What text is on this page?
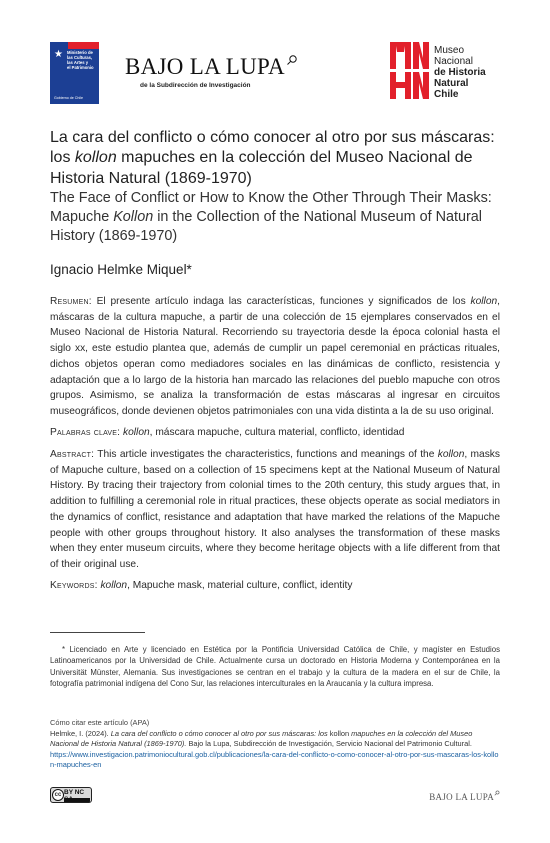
★ Ministerio de
las Culturas,
las Artes y
el Patrimonio
Gobierno de Chile
BAJO LA LUPA
de la Subdirección de Investigación
Museo
Nacional
de Historia
Natural
Chile

La cara del conflicto o cómo conocer al otro por sus máscaras: los kollon mapuches en la colección del Museo Nacional de Historia Natural (1869-1970)

The Face of Conflict or How to Know the Other Through Their Masks: Mapuche Kollon in the Collection of the National Museum of Natural History (1869-1970)

Ignacio Helmke Miquel*
Resumen: El presente artículo indaga las características, funciones y significados de los kollon, máscaras de la cultura mapuche, a partir de una colección de 15 ejemplares conservados en el Museo Nacional de Historia Natural. Recorriendo su trayectoria desde la época colonial hasta el siglo xx, este estudio plantea que, además de cumplir un papel ceremonial en prácticas rituales, dichos objetos operan como mediadores sociales en las dinámicas de conflicto, resistencia y adaptación que a lo largo de la historia han marcado las relaciones del pueblo mapuche con otros grupos. Asimismo, se analiza la transformación de estas máscaras al ingresar en circuitos museográficos, donde devienen objetos patrimoniales con una vida distinta a la de su uso original.
Palabras clave: kollon, máscara mapuche, cultura material, conflicto, identidad
Abstract: This article investigates the characteristics, functions and meanings of the kollon, masks of Mapuche culture, based on a collection of 15 specimens kept at the National Museum of Natural History. By tracing their trajectory from colonial times to the 20th century, this study argues that, in addition to fulfilling a ceremonial role in ritual practices, these objects operate as social mediators in the dynamics of conflict, resistance and adaptation that have marked the relations of the Mapuche people with other groups throughout history. It also analyses the transformation of these masks when they enter museum circuits, where they become heritage objects with a life different from that of their original use.
Keywords: kollon, Mapuche mask, material culture, conflict, identity
* Licenciado en Arte y licenciado en Estética por la Pontificia Universidad Católica de Chile, y magíster en Estudios Latinoamericanos por la Universidad de Chile. Actualmente cursa un doctorado en Historia Moderna y Contemporánea en la Universität Münster, Alemania. Sus investigaciones se centran en el trabajo y la cultura de la madera en el sur de Chile, la fotografía patrimonial indígena del Cono Sur, las relaciones interculturales en la Araucanía y la cultura impresa.
Cómo citar este artículo (APA)
Helmke, I. (2024). La cara del conflicto o cómo conocer al otro por sus máscaras: los kollon mapuches en la colección del Museo Nacional de Historia Natural (1869-1970). Bajo la Lupa, Subdirección de Investigación, Servicio Nacional del Patrimonio Cultural.
https://www.investigacion.patrimoniocultural.gob.cl/publicaciones/la-cara-del-conflicto-o-como-conocer-al-otro-por-sus-mascaras-los-kollon-mapuches-en
cc BY NC	BAJO LA LUPA
